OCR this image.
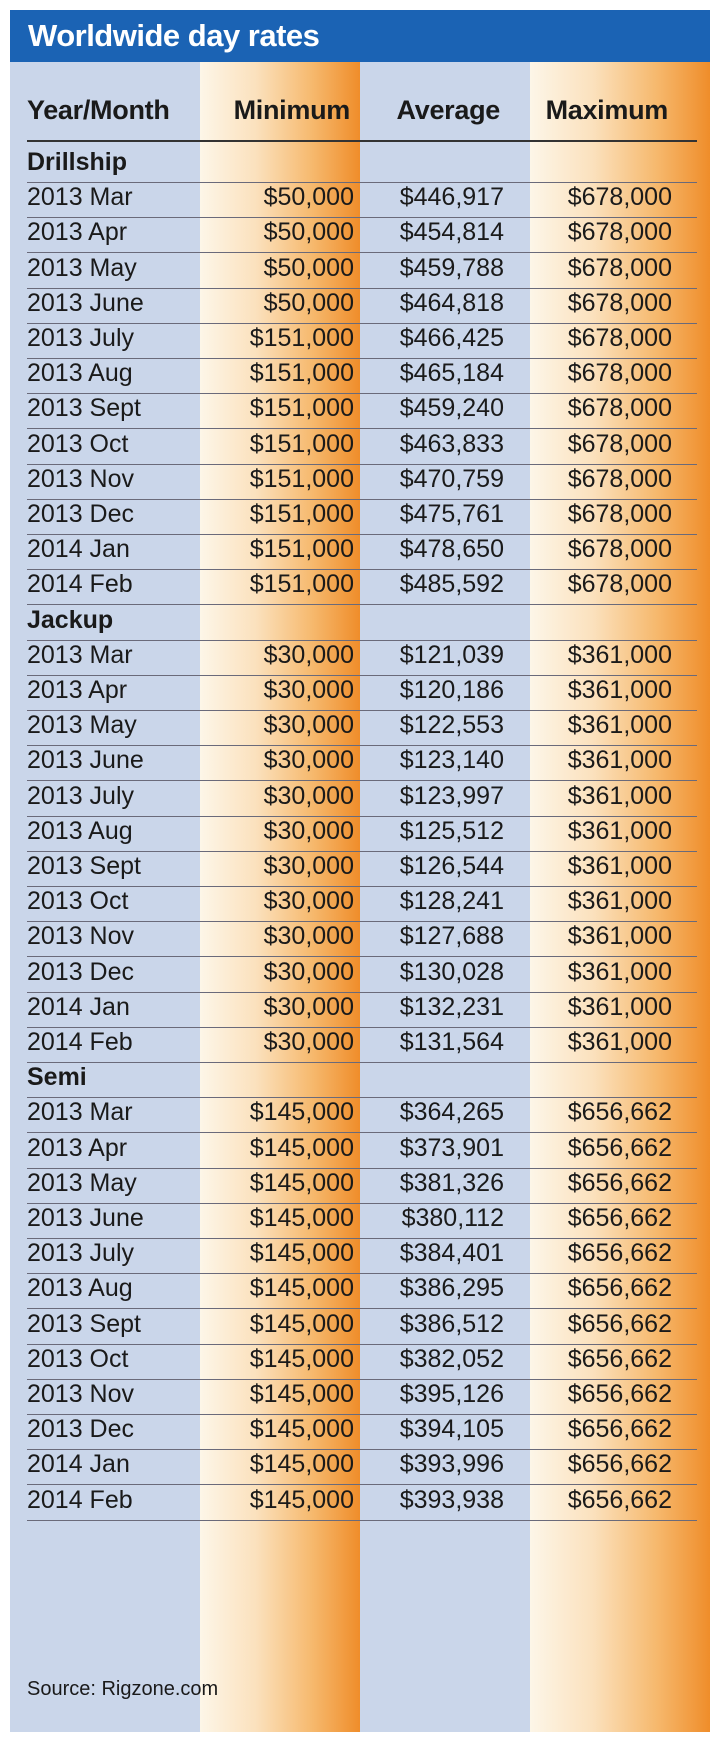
Worldwide day rates
Year/Month Minimum Average Maximum
Drillship
2013 Mar	$50,000 $446,917	$678,000
2013 Apr	$50,000 $454,814	$678,000
2013 May	$50,000 $459,788	$678,000
2013 June	$50,000 $464,818	$678,000
2013 July	$151,000 $466,425	$678,000
2013 Aug	$151,000 $465,184	$678,000
2013 Sept	$151,000 $459,240	$678,000
2013 Oct	$151,000 $463,833	$678,000
2013 Nov	$151,000 $470,759	$678,000
2013 Dec	$151,000 $475,761	$678,000
2014 Jan	$151,000 $478,650	$678,000
2014 Feb	$151,000 $485,592	$678,000
Jackup
2013 Mar	$30,000 $121,039	$361,000
2013 Apr	$30,000 $120,186	$361,000
2013 May	$30,000 $122,553	$361,000
2013 June	$30,000 $123,140	$361,000
2013 July	$30,000 $123,997	$361,000
2013 Aug	$30,000 $125,512	$361,000
2013 Sept	$30,000 $126,544	$361,000
2013 Oct	$30,000 $128,241	$361,000
2013 Nov	$30,000 $127,688	$361,000
2013 Dec	$30,000 $130,028	$361,000
2014 Jan	$30,000 $132,231	$361,000
2014 Feb	$30,000 $131,564	$361,000
Semi
2013 Mar	$145,000 $364,265	$656,662
2013 Apr	$145,000 $373,901	$656,662
2013 May	$145,000 $381,326	$656,662
2013 June	$145,000 $380,112	$656,662
2013 July	$145,000 $384,401	$656,662
2013 Aug	$145,000 $386,295	$656,662
2013 Sept	$145,000 $386,512	$656,662
2013 Oct	$145,000 $382,052	$656,662
2013 Nov	$145,000 $395,126	$656,662
2013 Dec	$145,000 $394,105	$656,662
2014 Jan	$145,000 $393,996	$656,662
2014 Feb	$145,000 $393,938	$656,662
Source: Rigzone.com
